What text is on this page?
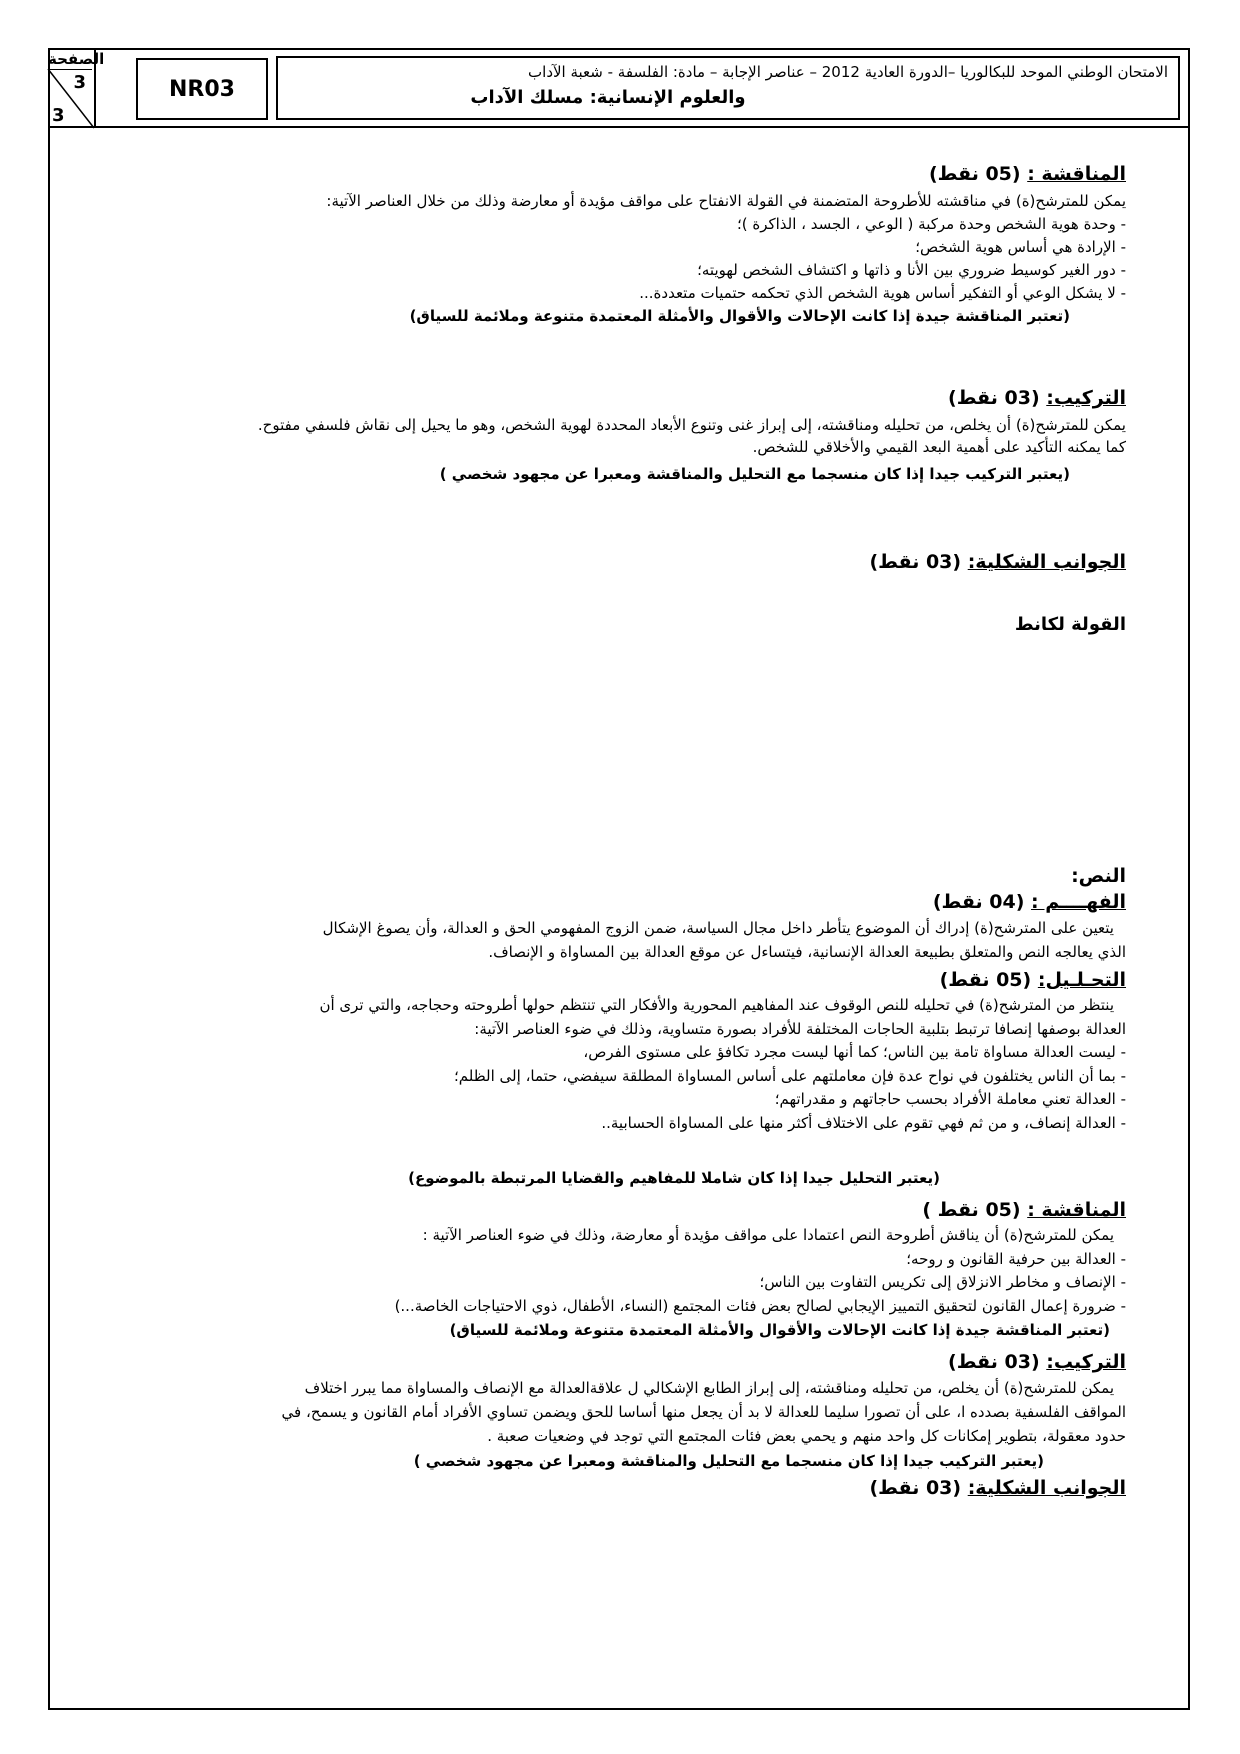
الصفحة
3
3
NR03
الامتحان الوطني الموحد للبكالوريا –الدورة العادية 2012 – عناصر الإجابة – مادة: الفلسفة - شعبة الآداب
والعلوم الإنسانية: مسلك الآداب
المناقشة : (05 نقط)
يمكن للمترشح(ة) في مناقشته للأطروحة المتضمنة في القولة الانفتاح على مواقف مؤيدة أو معارضة وذلك من خلال العناصر الآتية:
- وحدة هوية الشخص وحدة مركبة ( الوعي ، الجسد ، الذاكرة )؛
- الإرادة هي أساس هوية الشخص؛
- دور الغير كوسيط ضروري بين الأنا و ذاتها و اكتشاف الشخص لهويته؛
- لا يشكل الوعي أو التفكير أساس هوية الشخص الذي تحكمه حتميات متعددة...
(تعتبر المناقشة جيدة إذا كانت الإحالات والأقوال والأمثلة المعتمدة متنوعة وملائمة للسياق)
التركيب: (03 نقط)
يمكن للمترشح(ة) أن يخلص، من تحليله ومناقشته، إلى إبراز غنى وتنوع الأبعاد المحددة لهوية الشخص، وهو ما يحيل إلى نقاش فلسفي مفتوح.
كما يمكنه التأكيد على أهمية البعد القيمي والأخلاقي للشخص.
(يعتبر التركيب جيدا إذا كان منسجما مع التحليل والمناقشة ومعبرا عن مجهود شخصي )
الجوانب الشكلية: (03 نقط)
القولة لكانط
النص:
الفهــــم : (04 نقط)
يتعين على المترشح(ة) إدراك أن الموضوع يتأطر داخل مجال السياسة، ضمن الزوج المفهومي الحق و العدالة، وأن يصوغ الإشكال
الذي يعالجه النص والمتعلق بطبيعة العدالة الإنسانية، فيتساءل عن موقع العدالة بين المساواة و الإنصاف.
التحـلـيل: (05 نقط)
ينتظر من المترشح(ة) في تحليله للنص الوقوف عند المفاهيم المحورية والأفكار التي تنتظم حولها أطروحته وحجاجه، والتي ترى أن
العدالة بوصفها إنصافا ترتبط بتلبية الحاجات المختلفة للأفراد بصورة متساوية، وذلك في ضوء العناصر الآتية:
- ليست العدالة مساواة تامة بين الناس؛ كما أنها ليست مجرد تكافؤ على مستوى الفرص،
- بما أن الناس يختلفون في نواح عدة فإن معاملتهم على أساس المساواة المطلقة سيفضي، حتما، إلى الظلم؛
- العدالة تعني معاملة الأفراد بحسب حاجاتهم و مقدراتهم؛
- العدالة إنصاف، و من ثم فهي تقوم على الاختلاف أكثر منها على المساواة الحسابية..
(يعتبر التحليل جيدا إذا كان شاملا للمفاهيم والقضايا المرتبطة بالموضوع)
المناقشة : (05 نقط )
يمكن للمترشح(ة) أن يناقش أطروحة النص اعتمادا على مواقف مؤيدة أو معارضة، وذلك في ضوء العناصر الآتية :
- العدالة بين حرفية القانون و روحه؛
- الإنصاف و مخاطر الانزلاق إلى تكريس التفاوت بين الناس؛
- ضرورة إعمال القانون لتحقيق التمييز الإيجابي لصالح بعض فئات المجتمع (النساء، الأطفال، ذوي الاحتياجات الخاصة...)
(تعتبر المناقشة جيدة إذا كانت الإحالات والأقوال والأمثلة المعتمدة متنوعة وملائمة للسياق)
التركيب: (03 نقط)
يمكن للمترشح(ة) أن يخلص، من تحليله ومناقشته، إلى إبراز الطابع الإشكالي ل علاقةالعدالة مع الإنصاف والمساواة مما يبرر اختلاف
المواقف الفلسفية بصدده ا، على أن تصورا سليما للعدالة لا بد أن يجعل منها أساسا للحق ويضمن تساوي الأفراد أمام القانون و يسمح، في
حدود معقولة، بتطوير إمكانات كل واحد منهم و يحمي بعض فئات المجتمع التي توجد في وضعيات صعبة .
(يعتبر التركيب جيدا إذا كان منسجما مع التحليل والمناقشة ومعبرا عن مجهود شخصي )
الجوانب الشكلية: (03 نقط)
